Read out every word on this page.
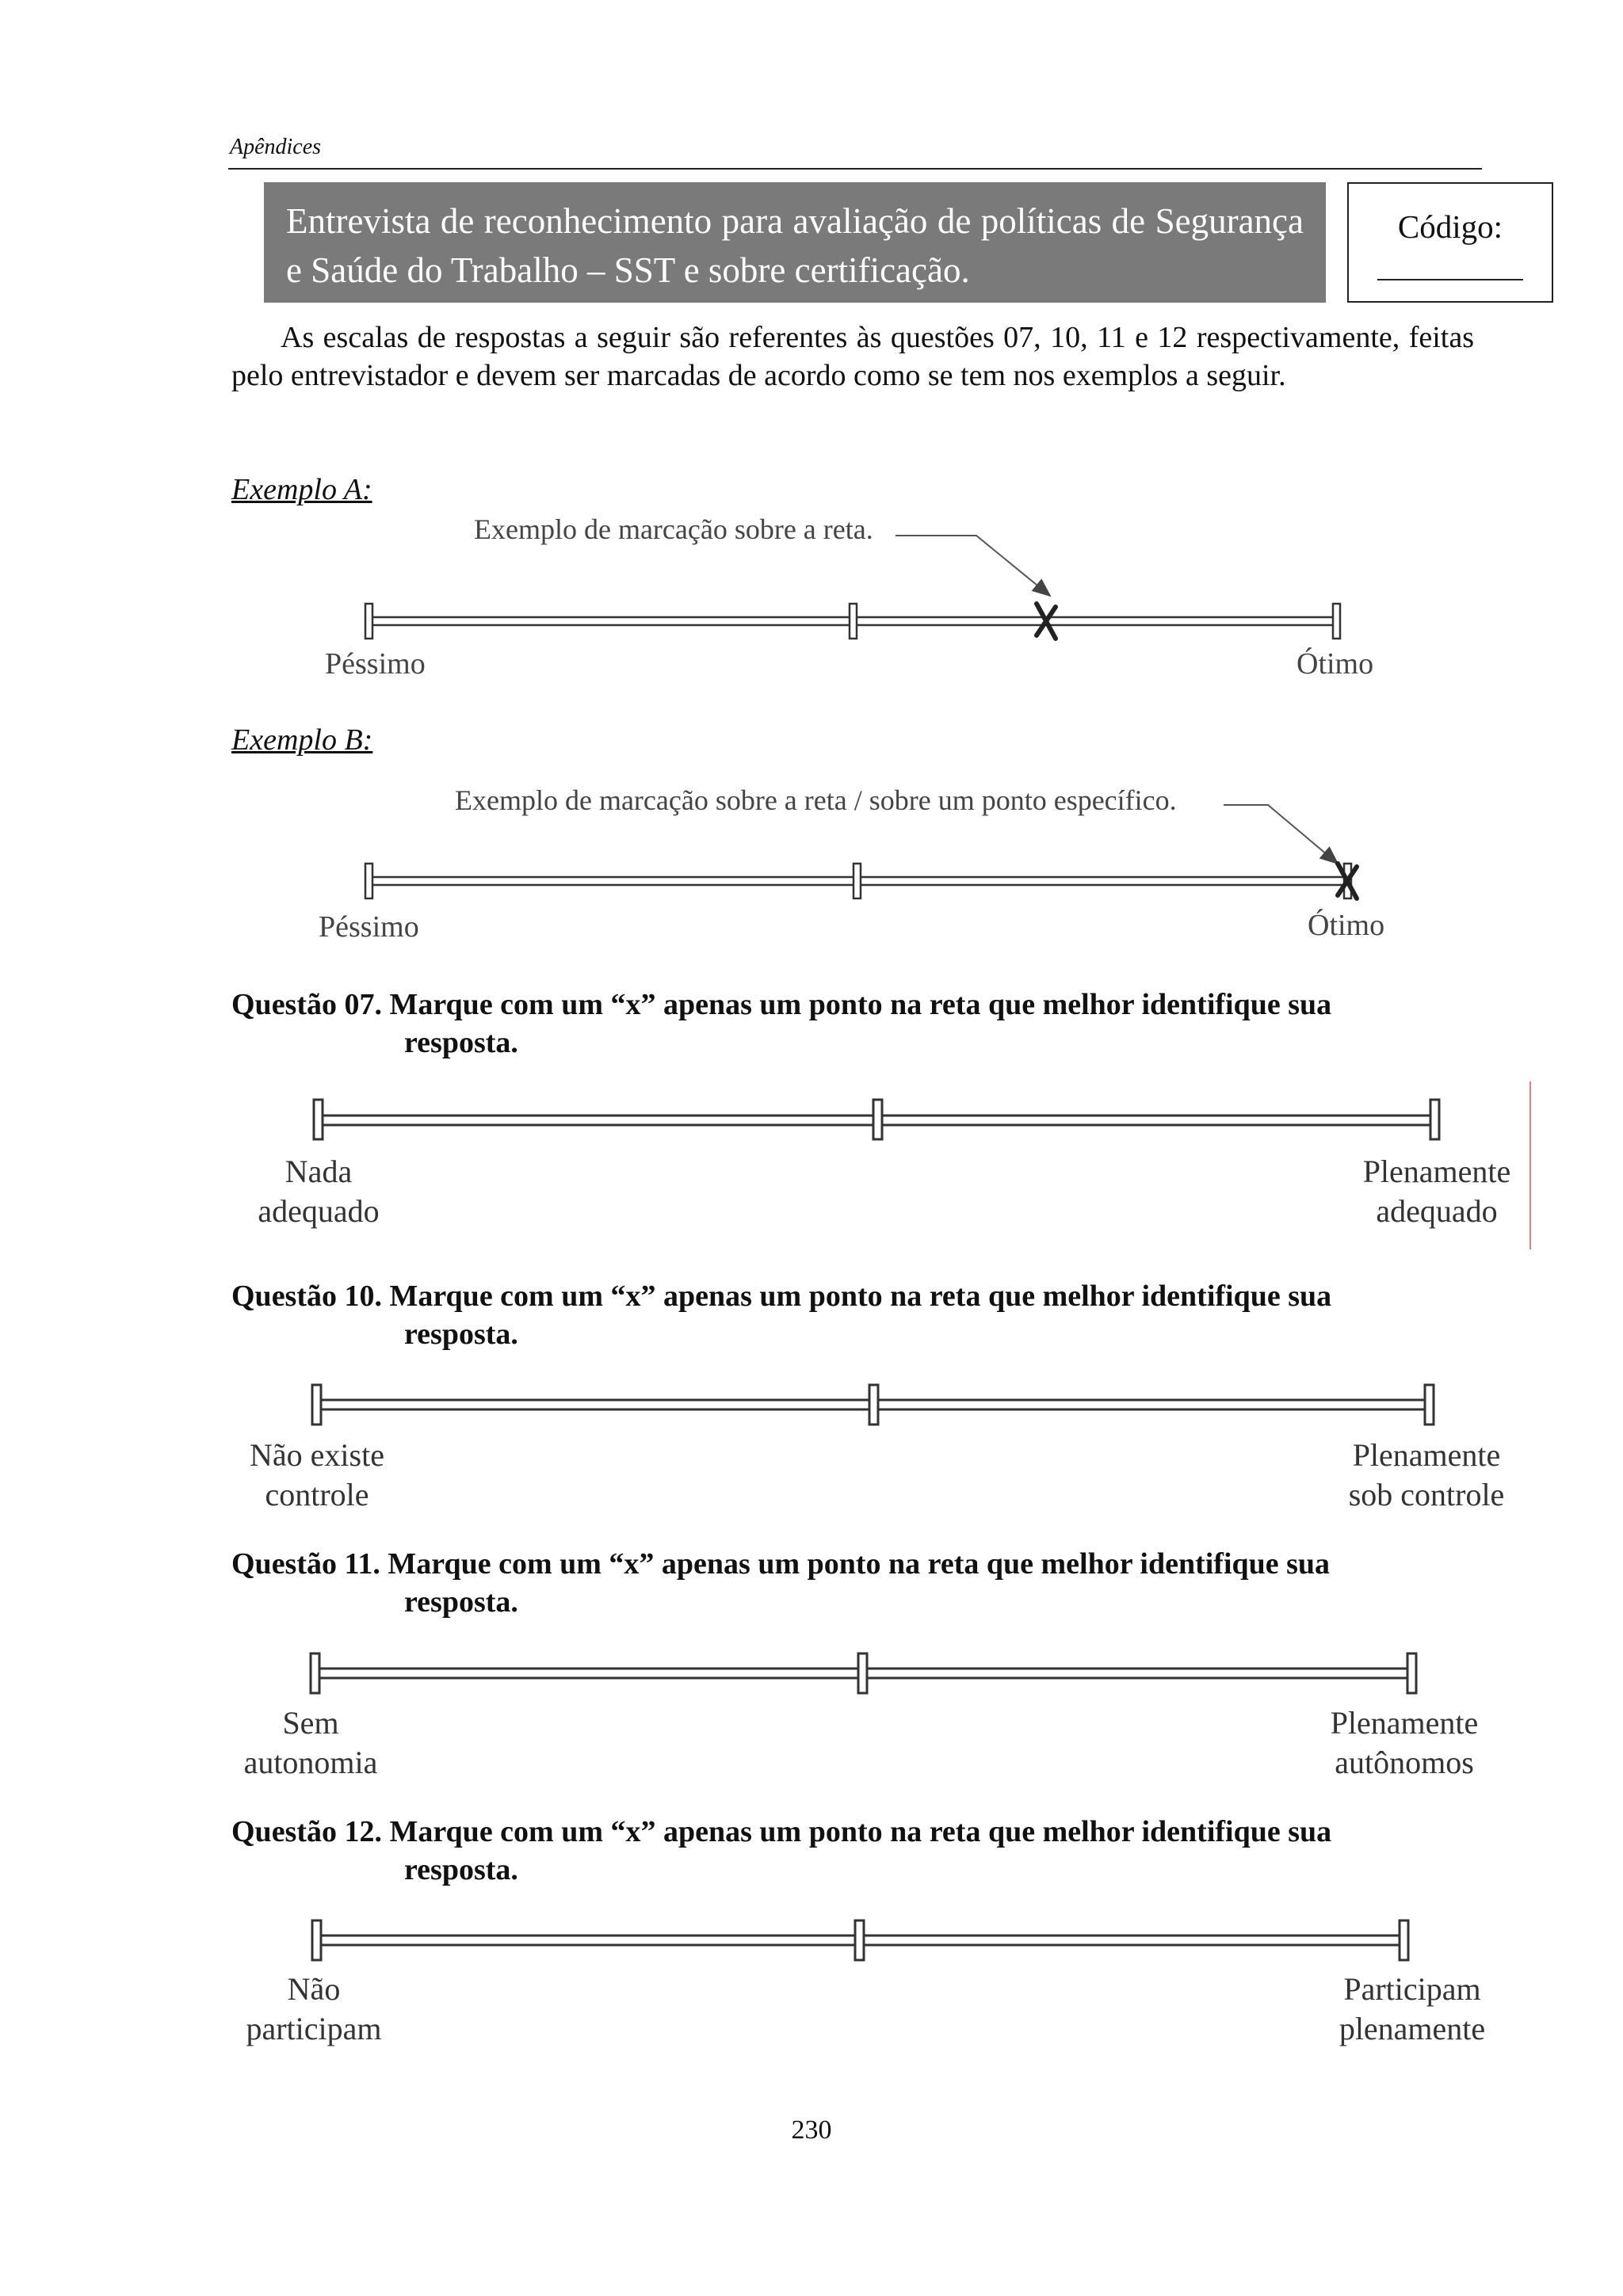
Apêndices
Entrevista de reconhecimento para avaliação de políticas de Segurança e Saúde do Trabalho – SST e sobre certificação.
Código:
As escalas de respostas a seguir são referentes às questões 07, 10, 11 e 12 respectivamente, feitas pelo entrevistador e devem ser marcadas de acordo como se tem nos exemplos a seguir.
Exemplo A:
Exemplo B:
Questão 07. Marque com um “x” apenas um ponto na reta que melhor identifique sua
resposta.
Questão 10. Marque com um “x” apenas um ponto na reta que melhor identifique sua
resposta.
Questão 11. Marque com um “x” apenas um ponto na reta que melhor identifique sua
resposta.
Questão 12. Marque com um “x” apenas um ponto na reta que melhor identifique sua
resposta.
Exemplo de marcação sobre a reta.
Péssimo	Ótimo
Exemplo de marcação sobre a reta / sobre um ponto específico.
Péssimo	Ótimo
Nada
adequado
Plenamente
adequado
Não existe
controle
Plenamente
sob controle
Sem
autonomia
Plenamente
autônomos
Não
participam
Participam
plenamente
230
